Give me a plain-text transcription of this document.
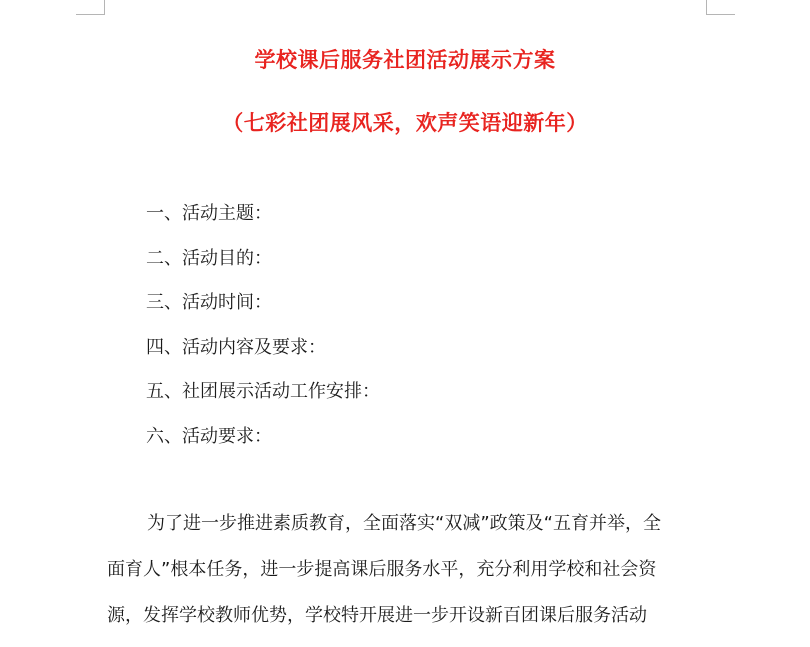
学校课后服务社团活动展示方案
（七彩社团展风采，欢声笑语迎新年）
一、活动主题：
二、活动目的：
三、活动时间：
四、活动内容及要求：
五、社团展示活动工作安排：
六、活动要求：
为了进一步推进素质教育，全面落实“双减”政策及“五育并举，全
面育人”根本任务，进一步提高课后服务水平，充分利用学校和社会资
源，发挥学校教师优势，学校特开展进一步开设新百团课后服务活动
